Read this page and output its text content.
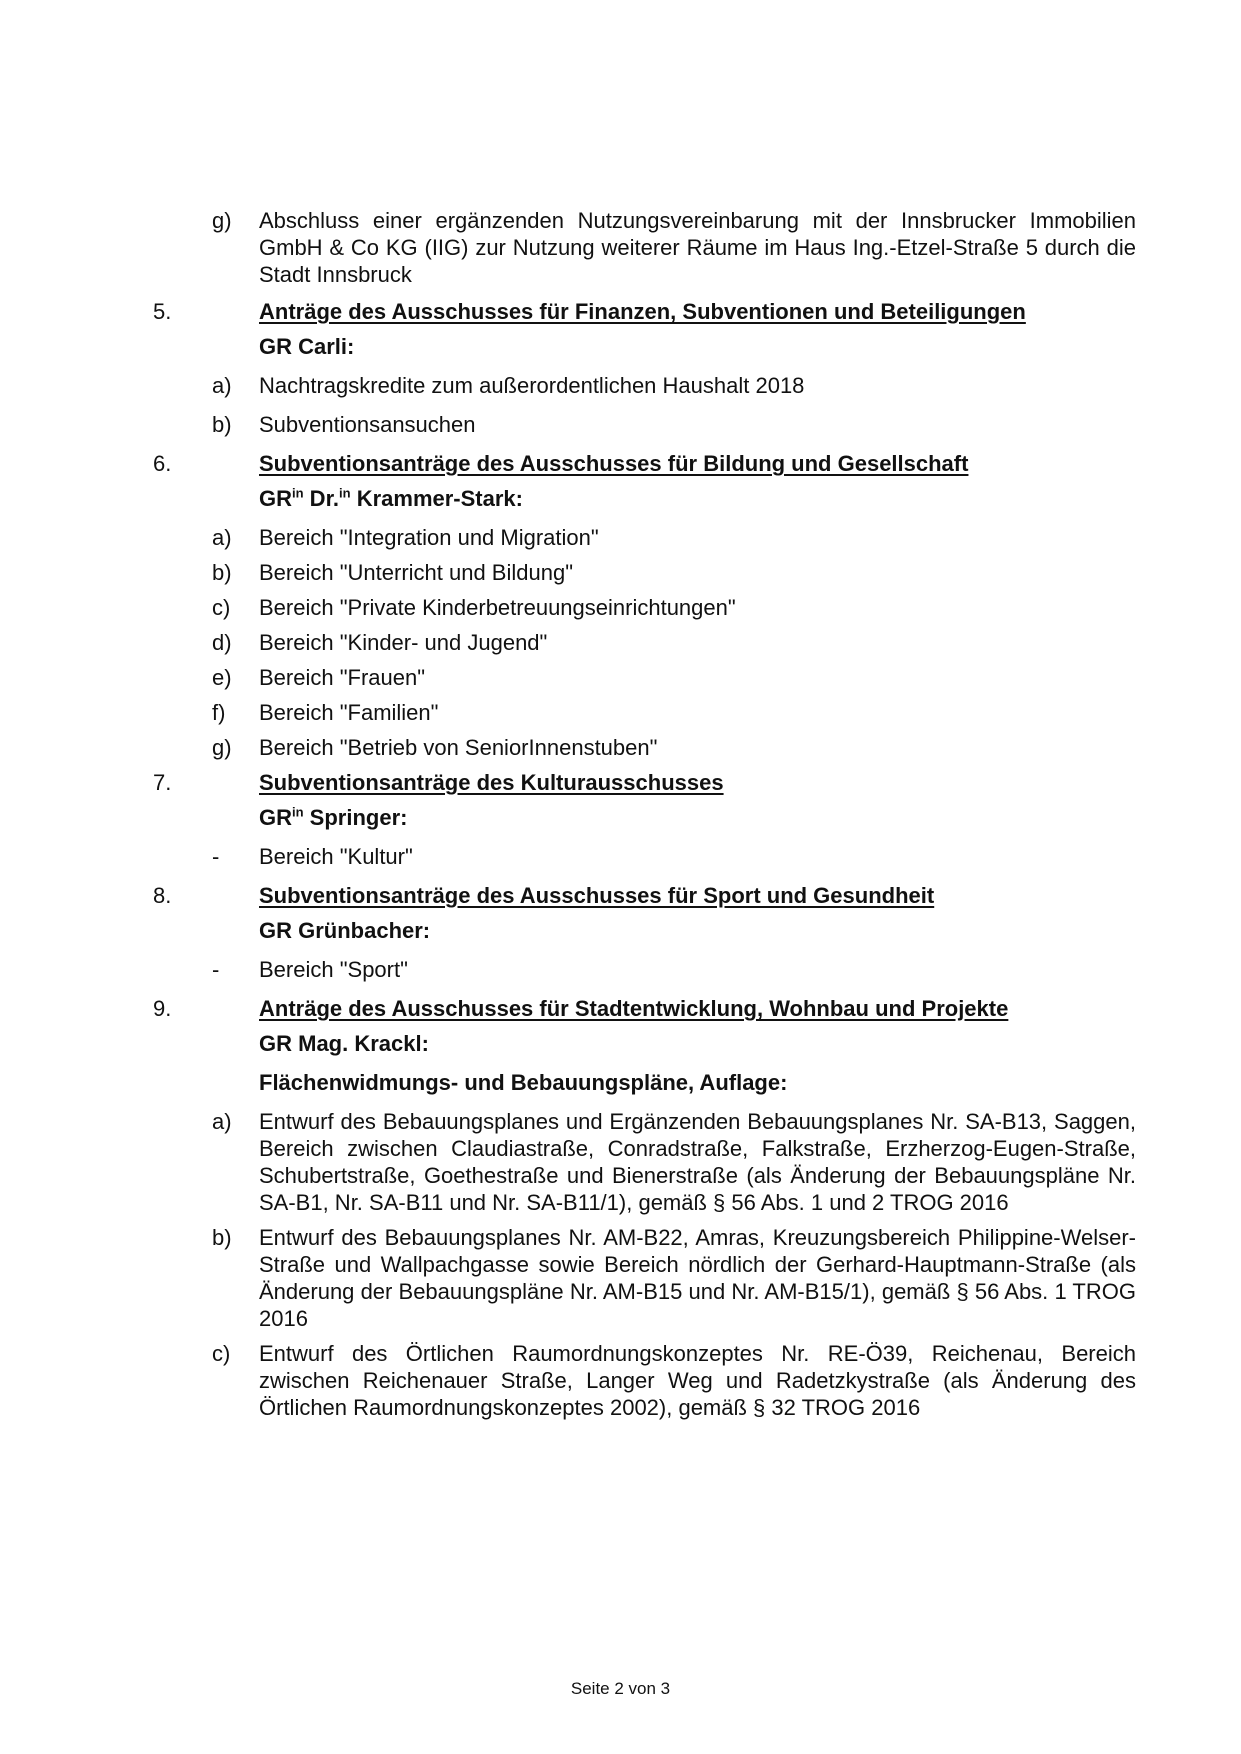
g) Abschluss einer ergänzenden Nutzungsvereinbarung mit der Innsbrucker Immobilien GmbH & Co KG (IIG) zur Nutzung weiterer Räume im Haus Ing.-Etzel-Straße 5 durch die Stadt Innsbruck
5.	Anträge des Ausschusses für Finanzen, Subventionen und Beteiligungen
GR Carli:
a) Nachtragskredite zum außerordentlichen Haushalt 2018
b) Subventionsansuchen
6.	Subventionsanträge des Ausschusses für Bildung und Gesellschaft
$GR^{in}$ Dr.$^{in}$ Krammer-Stark:
a) Bereich "Integration und Migration"
b) Bereich "Unterricht und Bildung"
c) Bereich "Private Kinderbetreuungseinrichtungen"
d) Bereich "Kinder- und Jugend"
e) Bereich "Frauen"
f) Bereich "Familien"
g) Bereich "Betrieb von SeniorInnenstuben"
7.	Subventionsanträge des Kulturausschusses
$GR^{in}$ Springer:
- Bereich "Kultur"
8.	Subventionsanträge des Ausschusses für Sport und Gesundheit
GR Grünbacher:
- Bereich "Sport"
9.	Anträge des Ausschusses für Stadtentwicklung, Wohnbau und Projekte
GR Mag. Krackl:
Flächenwidmungs- und Bebauungspläne, Auflage:
a) Entwurf des Bebauungsplanes und Ergänzenden Bebauungsplanes Nr. SA-B13, Saggen, Bereich zwischen Claudiastraße, Conradstraße, Falkstraße, Erzherzog-Eugen-Straße, Schubertstraße, Goethestraße und Bienerstraße (als Änderung der Bebauungspläne Nr. SA-B1, Nr. SA-B11 und Nr. SA-B11/1), gemäß § 56 Abs. 1 und 2 TROG 2016
b) Entwurf des Bebauungsplanes Nr. AM-B22, Amras, Kreuzungsbereich Philippine-Welser-Straße und Wallpachgasse sowie Bereich nördlich der Gerhard-Hauptmann-Straße (als Änderung der Bebauungspläne Nr. AM-B15 und Nr. AM-B15/1), gemäß § 56 Abs. 1 TROG 2016
c) Entwurf des Örtlichen Raumordnungskonzeptes Nr. RE-Ö39, Reichenau, Bereich zwischen Reichenauer Straße, Langer Weg und Radetzkystraße (als Änderung des Örtlichen Raumordnungskonzeptes 2002), gemäß § 32 TROG 2016
Seite 2 von 3
